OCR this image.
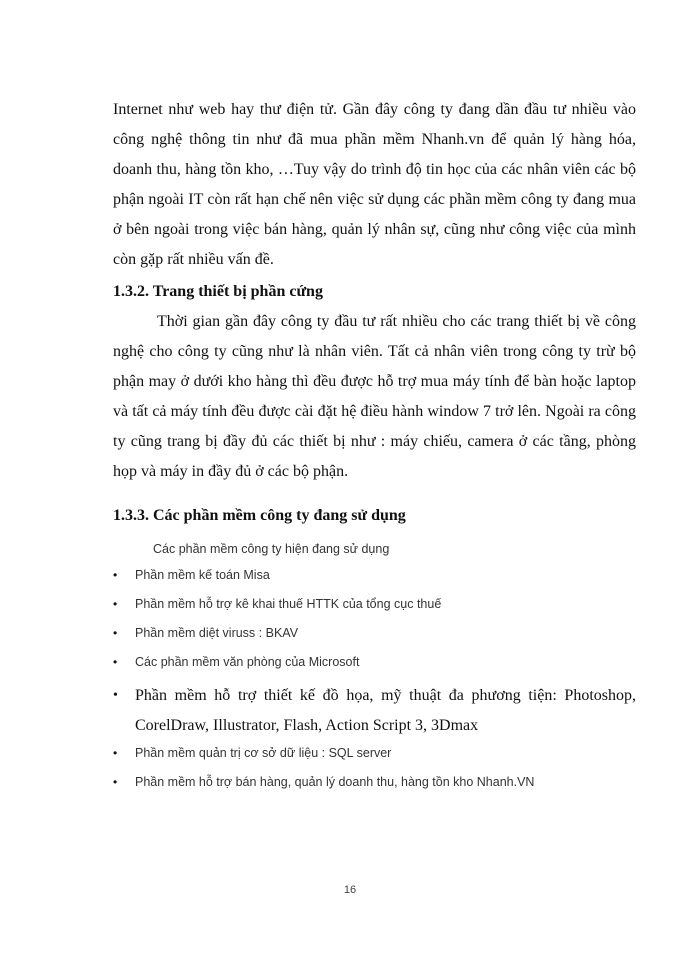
Internet như web hay thư điện tử. Gần đây công ty đang dần đầu tư nhiều vào công nghệ thông tin như đã mua phần mềm Nhanh.vn để quản lý hàng hóa, doanh thu, hàng tồn kho, …Tuy vậy do trình độ tin học của các nhân viên các bộ phận ngoài IT còn rất hạn chế nên việc sử dụng các phần mềm công ty đang mua ở bên ngoài trong việc bán hàng, quản lý nhân sự, cũng như công việc của mình còn gặp rất nhiều vấn đề.

1.3.2. Trang thiết bị phần cứng

Thời gian gần đây công ty đầu tư rất nhiều cho các trang thiết bị về công nghệ cho công ty cũng như là nhân viên. Tất cả nhân viên trong công ty trừ bộ phận may ở dưới kho hàng thì đều được hỗ trợ mua máy tính để bàn hoặc laptop và tất cả máy tính đều được cài đặt hệ điều hành window 7 trở lên. Ngoài ra công ty cũng trang bị đầy đủ các thiết bị như : máy chiếu, camera ở các tầng, phòng họp và máy in đầy đủ ở các bộ phận.

1.3.3. Các phần mềm công ty đang sử dụng
Các phần mềm công ty hiện đang sử dụng
• Phần mềm kế toán Misa
• Phần mềm hỗ trợ kê khai thuế HTTK của tổng cục thuế
• Phần mềm diệt viruss : BKAV
• Các phần mềm văn phòng của Microsoft
• Phần mềm hỗ trợ thiết kế đồ họa, mỹ thuật đa phương tiện: Photoshop, CorelDraw, Illustrator, Flash, Action Script 3, 3Dmax
• Phần mềm quản trị cơ sở dữ liệu : SQL server
• Phần mềm hỗ trợ bán hàng, quản lý doanh thu, hàng tồn kho Nhanh.VN
16
